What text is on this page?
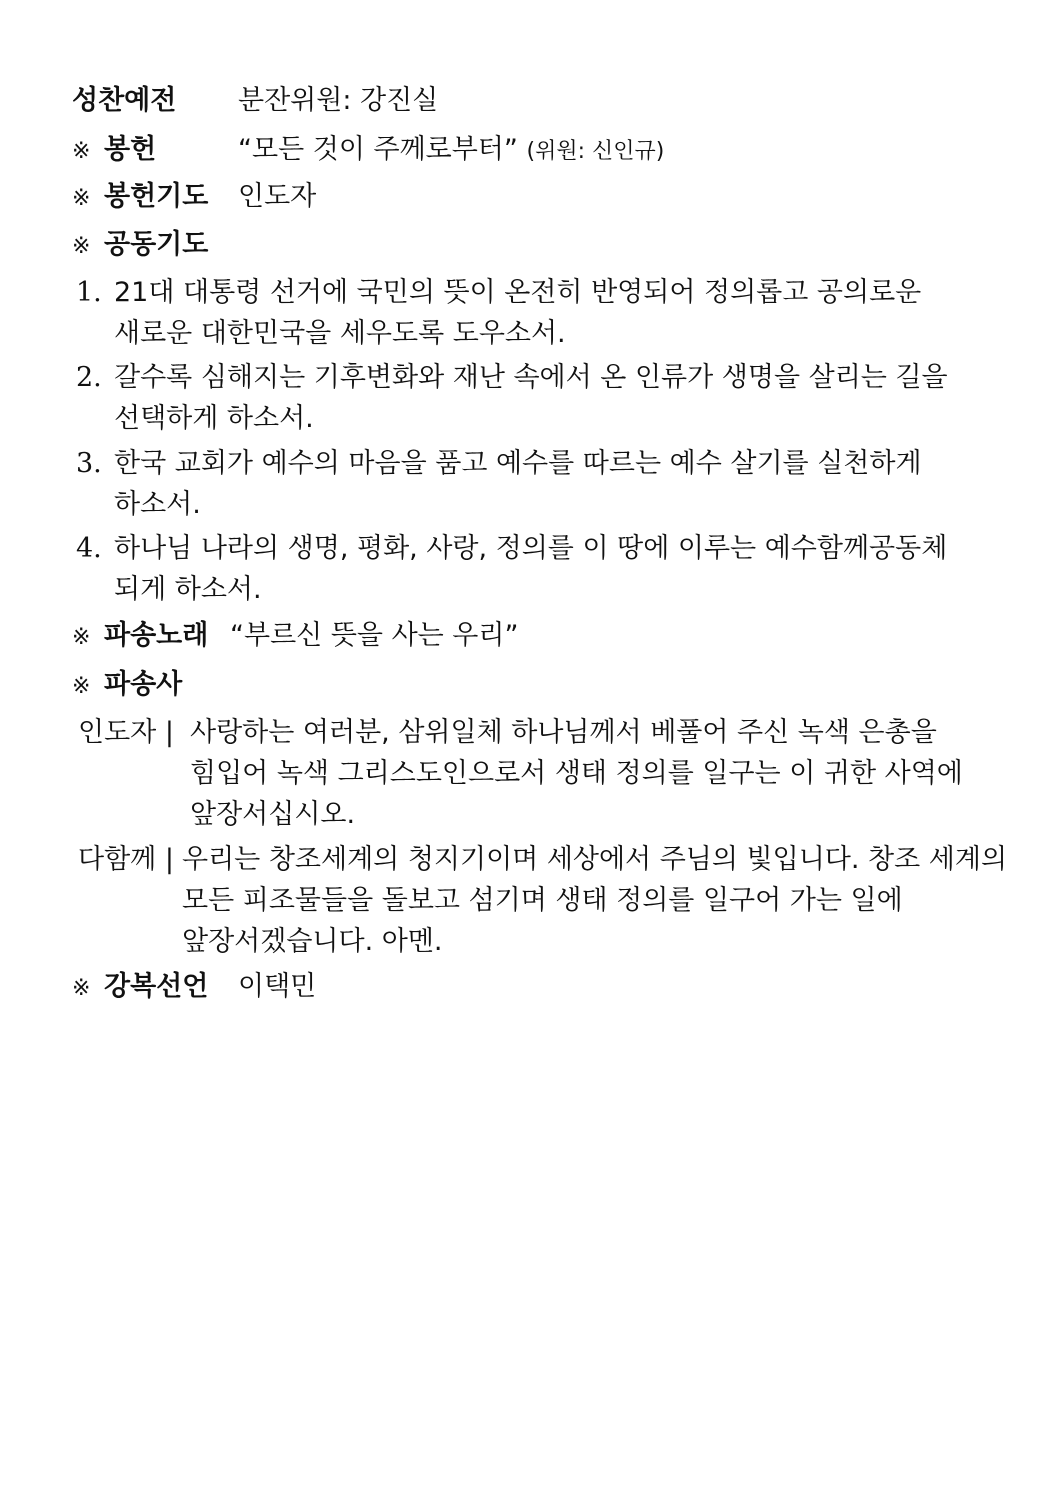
성찬예전 분잔위원: 강진실
※ 봉헌	“모든 것이 주께로부터” (위원: 신인규)
※ 봉헌기도 인도자
※ 공동기도
1. 21대 대통령 선거에 국민의 뜻이 온전히 반영되어 정의롭고 공의로운
새로운 대한민국을 세우도록 도우소서.
2. 갈수록 심해지는 기후변화와 재난 속에서 온 인류가 생명을 살리는 길을
선택하게 하소서.
3. 한국 교회가 예수의 마음을 품고 예수를 따르는 예수 살기를 실천하게
하소서.
4. 하나님 나라의 생명, 평화, 사랑, 정의를 이 땅에 이루는 예수함께공동체
되게 하소서.
※ 파송노래 “부르신 뜻을 사는 우리”
※ 파송사
인도자 | 사랑하는 여러분, 삼위일체 하나님께서 베풀어 주신 녹색 은총을
힘입어 녹색 그리스도인으로서 생태 정의를 일구는 이 귀한 사역에
앞장서십시오.
다함께 | 우리는 창조세계의 청지기이며 세상에서 주님의 빛입니다. 창조 세계의
모든 피조물들을 돌보고 섬기며 생태 정의를 일구어 가는 일에
앞장서겠습니다. 아멘.
※ 강복선언 이택민
